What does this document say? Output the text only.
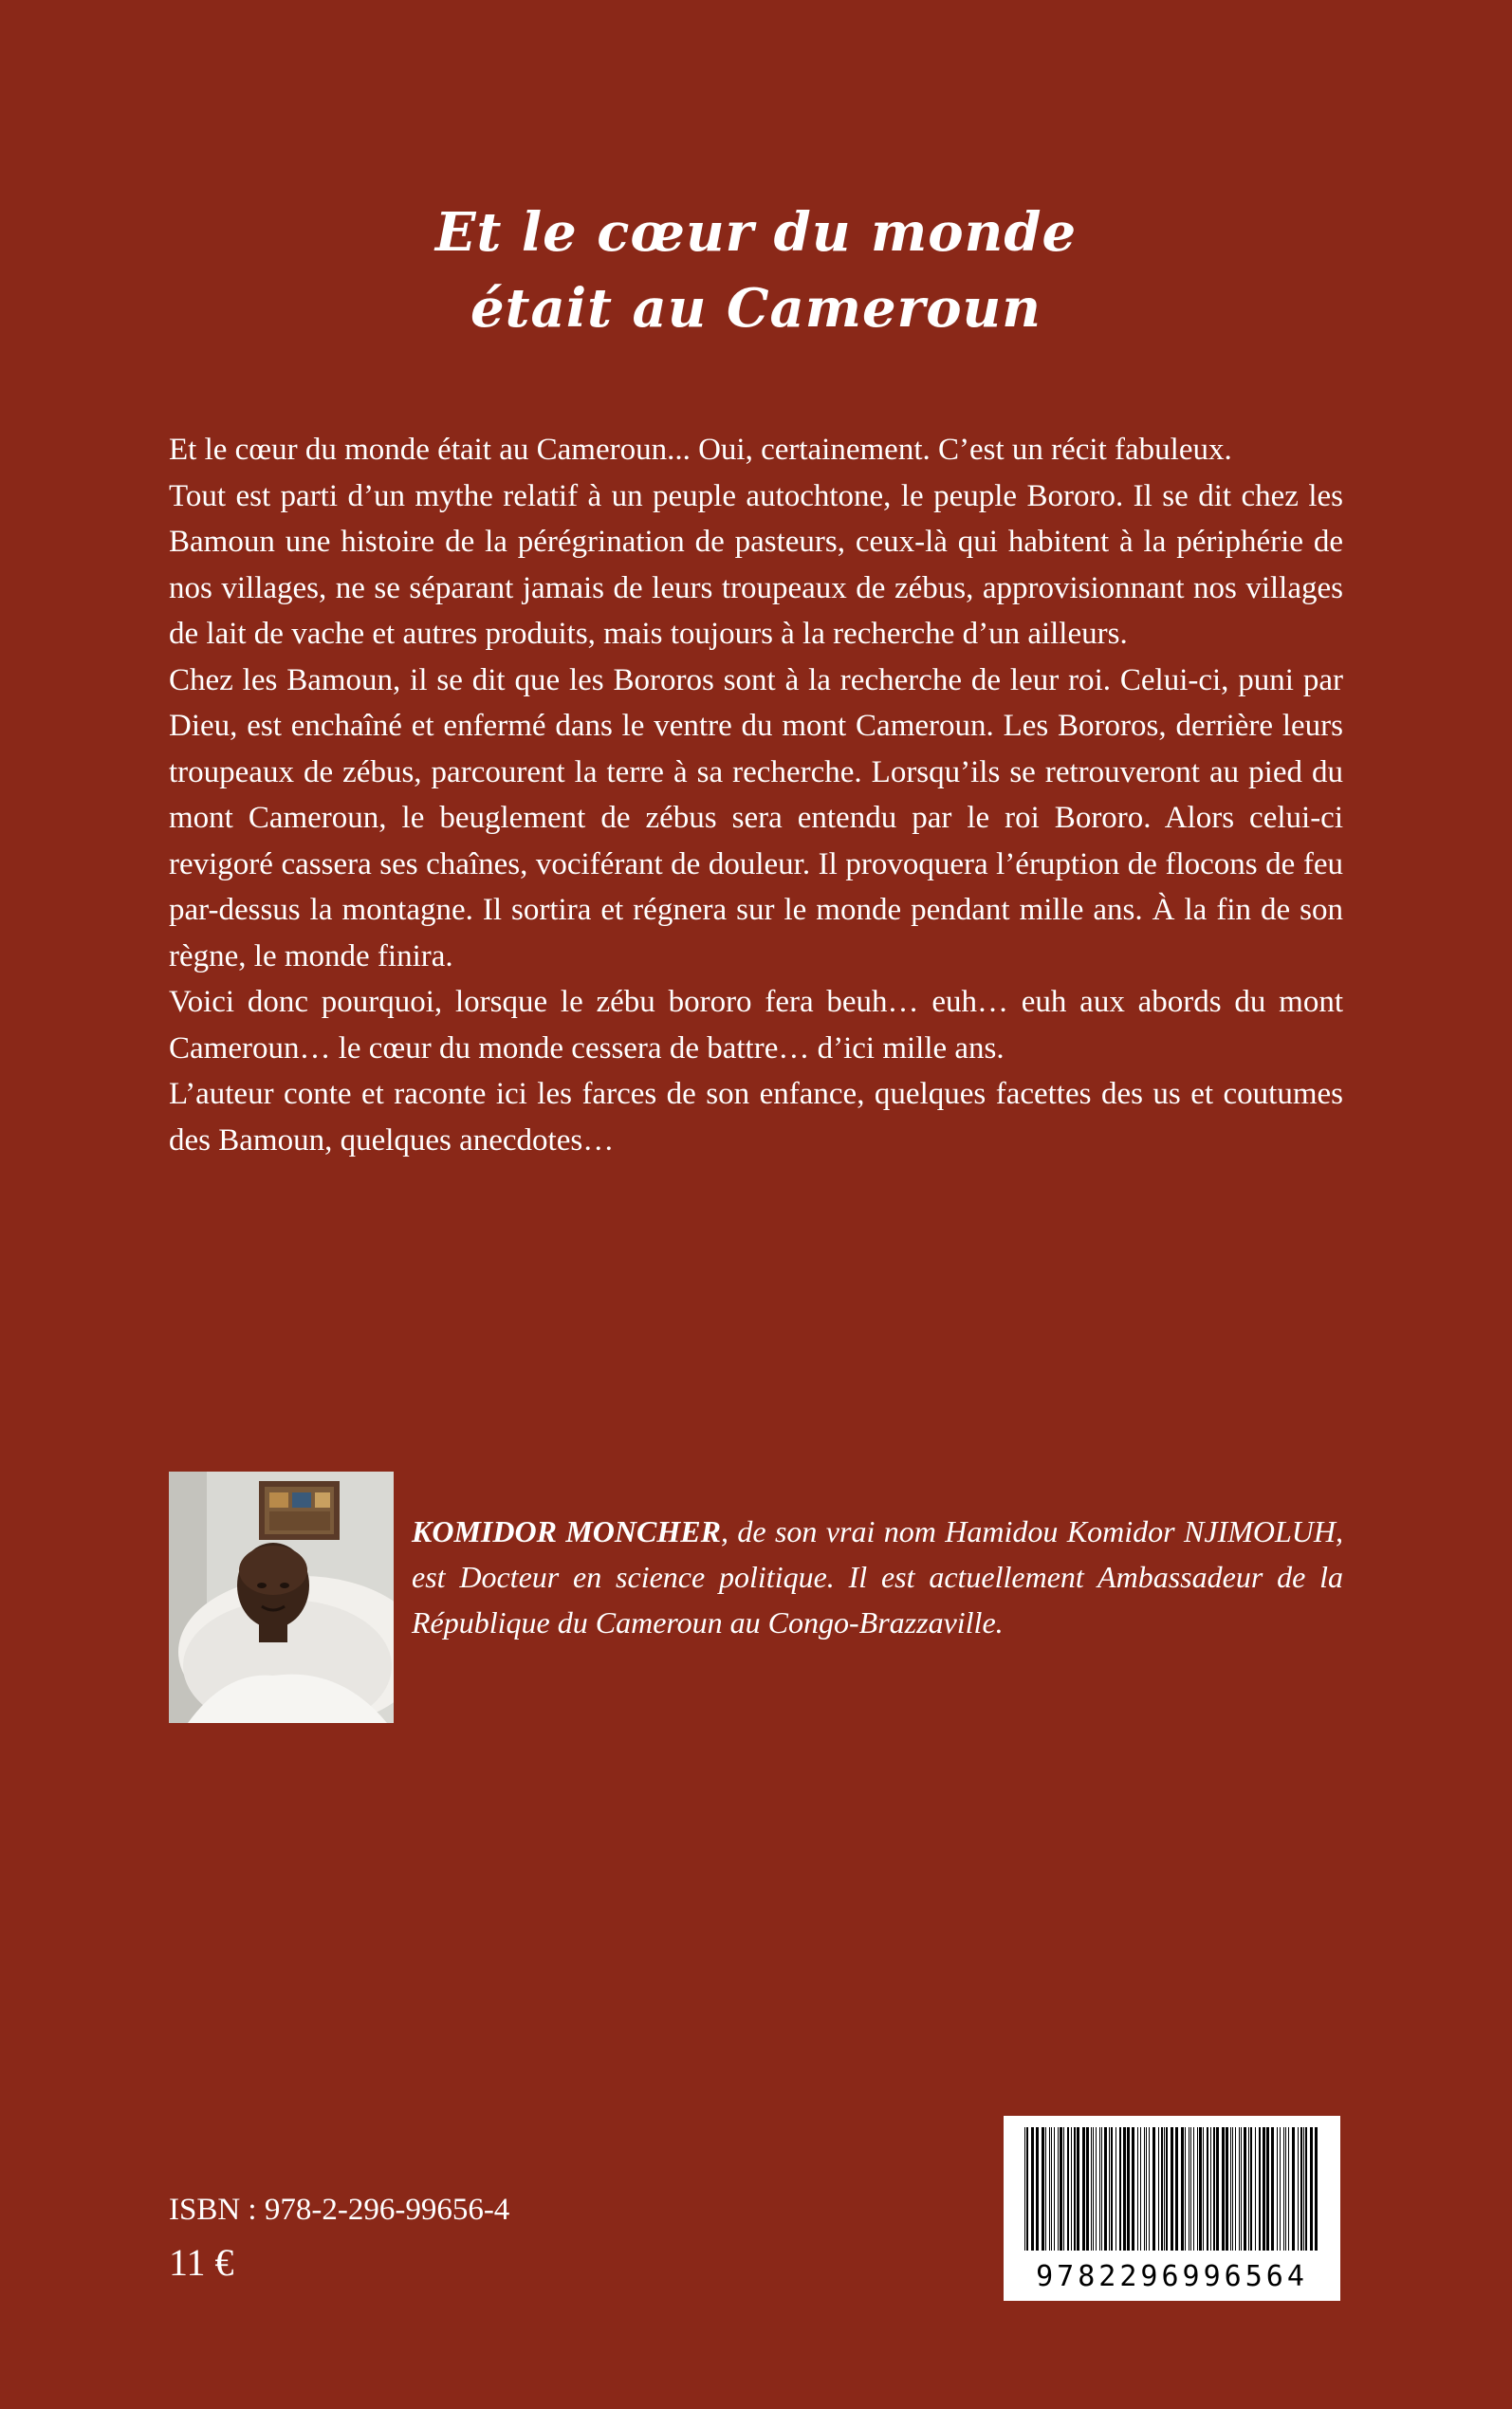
Et le cœur du monde
était au Cameroun

Et le cœur du monde était au Cameroun... Oui, certainement. C’est un récit fabuleux.

Tout est parti d’un mythe relatif à un peuple autochtone, le peuple Bororo. Il se dit chez les Bamoun une histoire de la pérégrination de pasteurs, ceux-là qui habitent à la périphérie de nos villages, ne se séparant jamais de leurs troupeaux de zébus, approvisionnant nos villages de lait de vache et autres produits, mais toujours à la recherche d’un ailleurs.

Chez les Bamoun, il se dit que les Bororos sont à la recherche de leur roi. Celui-ci, puni par Dieu, est enchaîné et enfermé dans le ventre du mont Cameroun. Les Bororos, derrière leurs troupeaux de zébus, parcourent la terre à sa recherche. Lorsqu’ils se retrouveront au pied du mont Cameroun, le beuglement de zébus sera entendu par le roi Bororo. Alors celui-ci revigoré cassera ses chaînes, vociférant de douleur. Il provoquera l’éruption de flocons de feu par-dessus la montagne. Il sortira et régnera sur le monde pendant mille ans. À la fin de son règne, le monde finira.

Voici donc pourquoi, lorsque le zébu bororo fera beuh… euh… euh aux abords du mont Cameroun… le cœur du monde cessera de battre… d’ici mille ans.

L’auteur conte et raconte ici les farces de son enfance, quelques facettes des us et coutumes des Bamoun, quelques anecdotes…

KOMIDOR MONCHER, de son vrai nom Hamidou Komidor NJIMOLUH, est Docteur en science politique. Il est actuellement Ambassadeur de la République du Cameroun au Congo-Brazzaville.
ISBN : 978-2-296-99656-4
11 €	9782296996564
